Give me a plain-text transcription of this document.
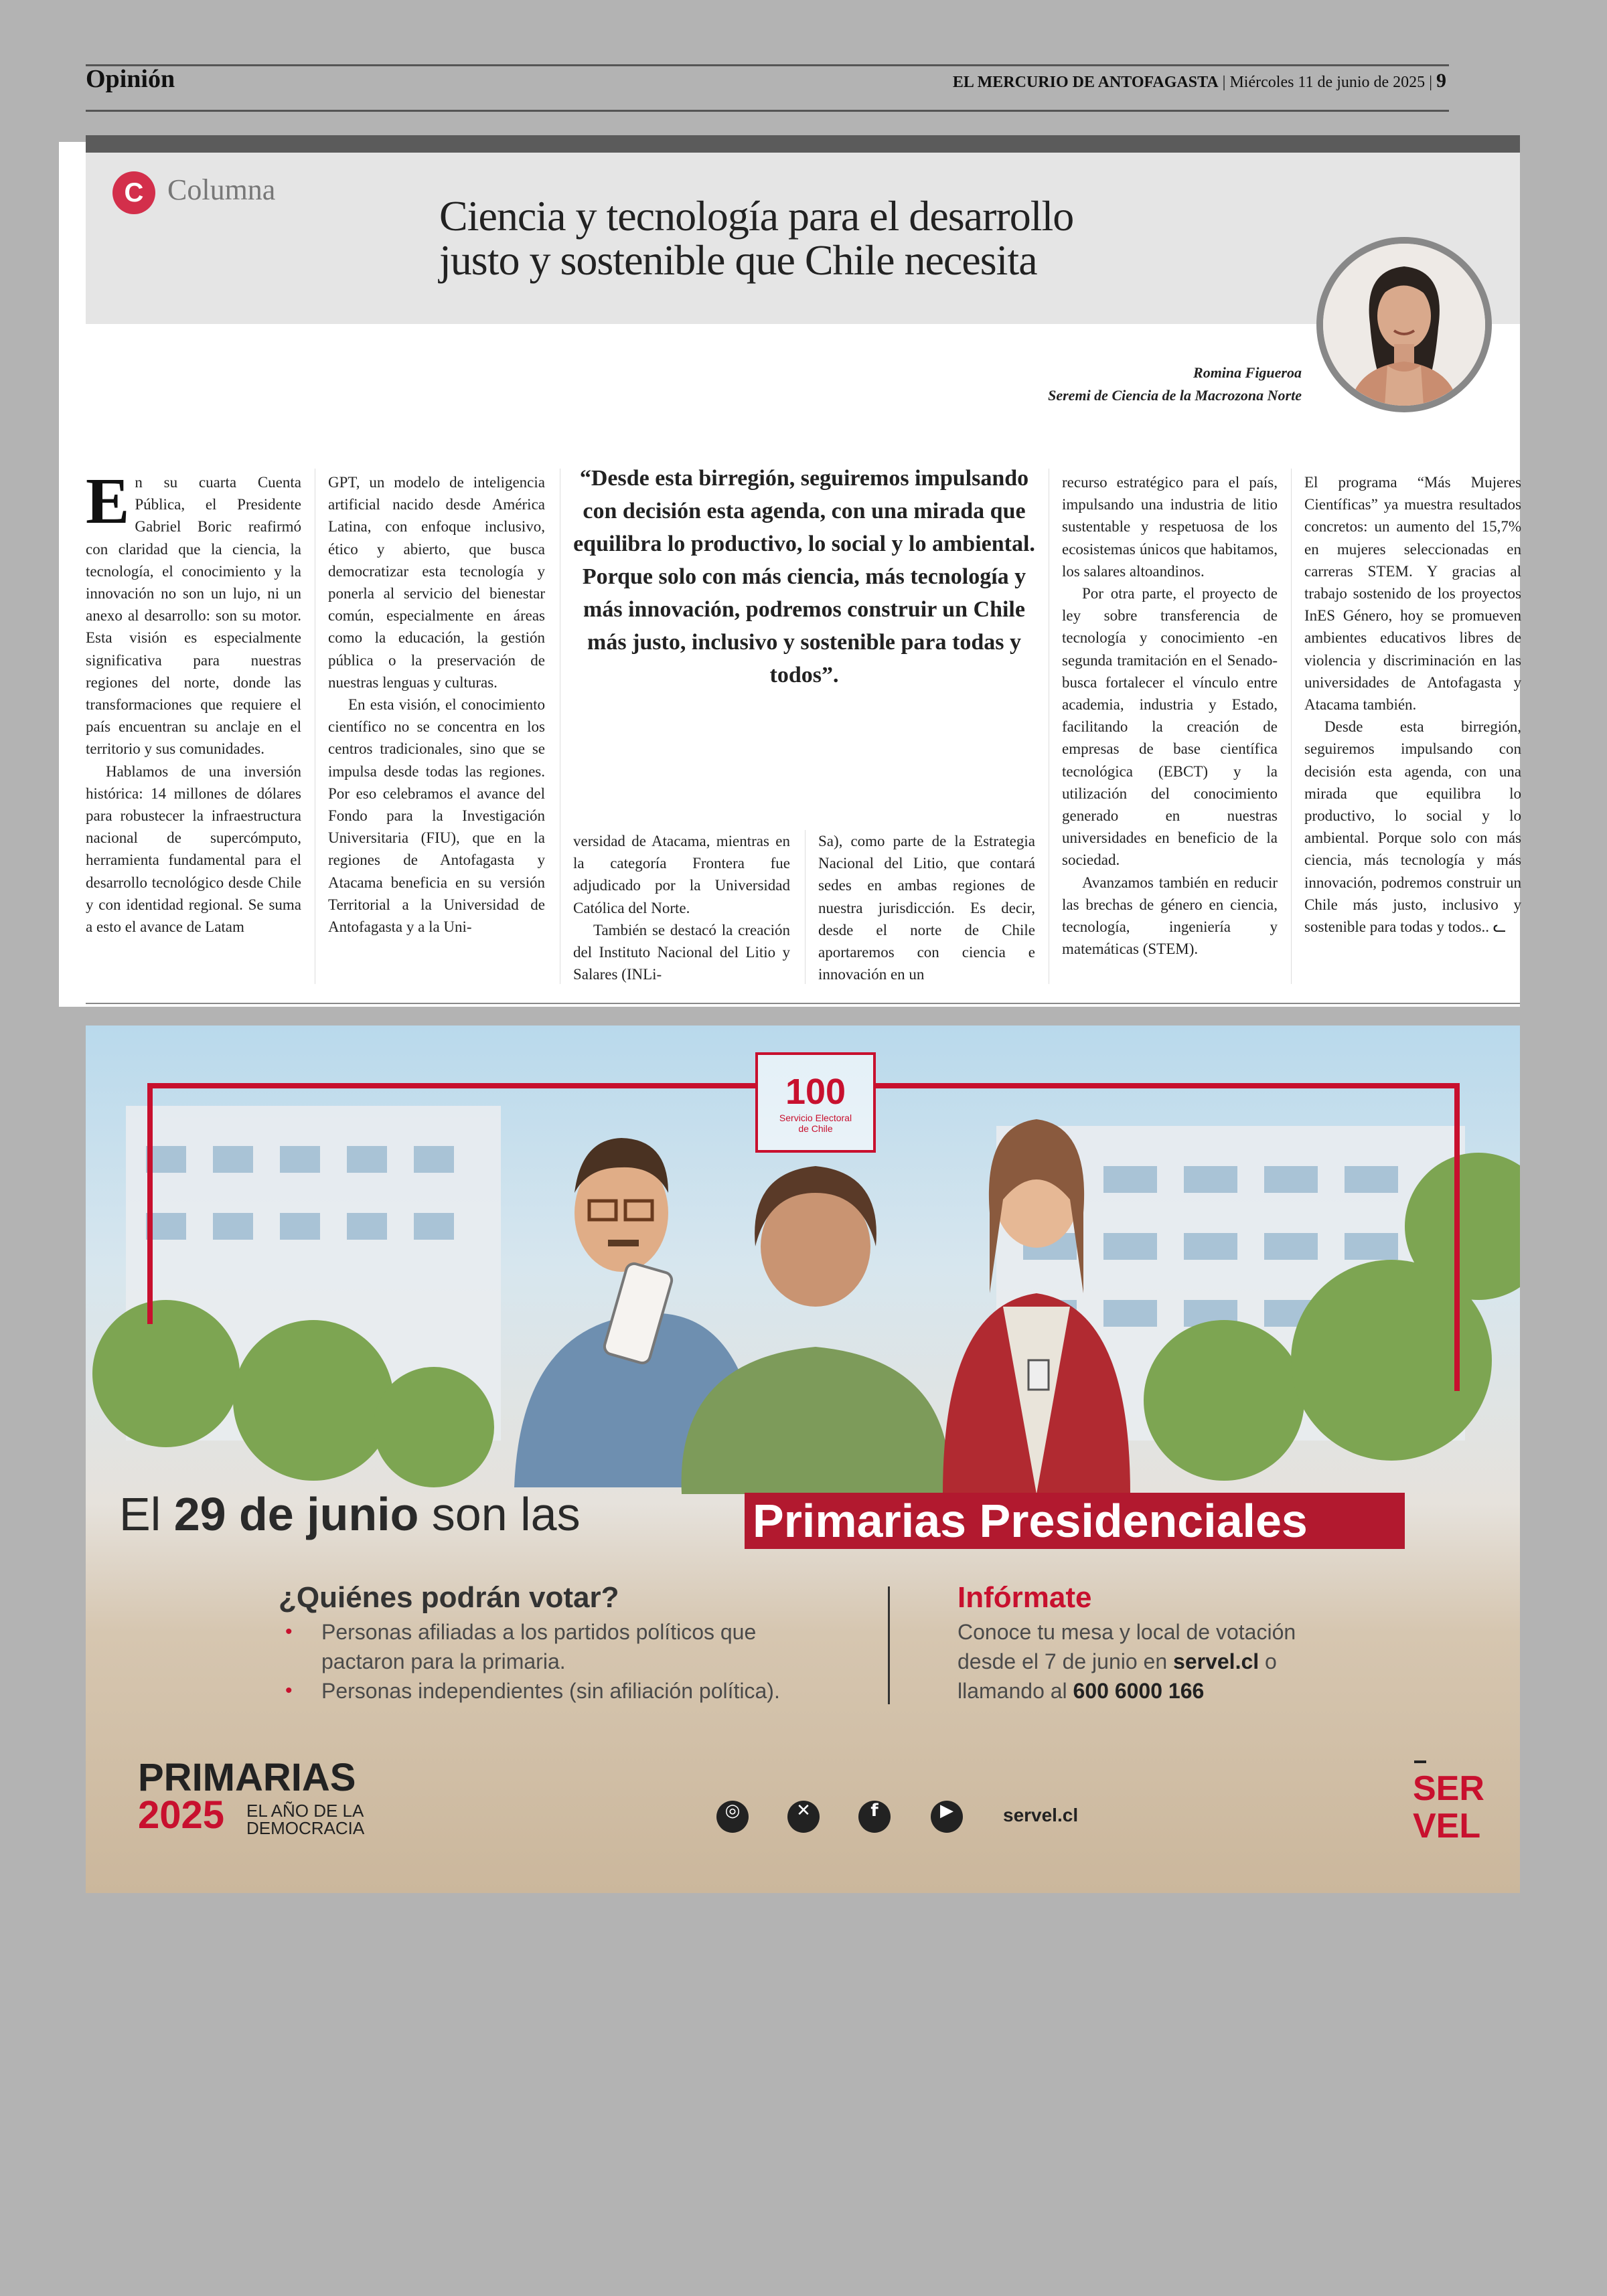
Opinión	EL MERCURIO DE ANTOFAGASTA | Miércoles 11 de junio de 2025 | 9
C Columna
Ciencia y tecnología para el desarrollo
justo y sostenible que Chile necesita
Romina Figueroa
Seremi de Ciencia de la Macrozona Norte
E n su cuarta Cuenta Pública, el Presidente Gabriel Boric reafirmó con claridad que la ciencia, la tecnología, el conocimiento y la innovación no son un lujo, ni un anexo al desarrollo: son su motor. Esta visión es especialmente significativa para nuestras regiones del norte, donde las transformaciones que requiere el país encuentran su anclaje en el territorio y sus comunidades.

Hablamos de una inversión histórica: 14 millones de dólares para robustecer la infraestructura nacional de supercómputo, herramienta fundamental para el desarrollo tecnológico desde Chile y con identidad regional. Se suma a esto el avance de Latam

GPT, un modelo de inteligencia artificial nacido desde América Latina, con enfoque inclusivo, ético y abierto, que busca democratizar esta tecnología y ponerla al servicio del bienestar común, especialmente en áreas como la educación, la gestión pública o la preservación de nuestras lenguas y culturas.

En esta visión, el conocimiento científico no se concentra en los centros tradicionales, sino que se impulsa desde todas las regiones. Por eso celebramos el avance del Fondo para la Investigación Universitaria (FIU), que en la regiones de Antofagasta y Atacama beneficia en su versión Territorial a la Universidad de Antofagasta y a la Uni-

“Desde esta birregión, seguiremos impulsando con decisión esta agenda, con una mirada que equilibra lo productivo, lo social y lo ambiental. Porque solo con más ciencia, más tecnología y más innovación, podremos construir un Chile más justo, inclusivo y sostenible para todas y todos”.

versidad de Atacama, mientras en la categoría Frontera fue adjudicado por la Universidad Católica del Norte.

También se destacó la creación del Instituto Nacional del Litio y Salares (INLi-

Sa), como parte de la Estrategia Nacional del Litio, que contará sedes en ambas regiones de nuestra jurisdicción. Es decir, desde el norte de Chile aportaremos con ciencia e innovación en un

recurso estratégico para el país, impulsando una industria de litio sustentable y respetuosa de los ecosistemas únicos que habitamos, los salares altoandinos.

Por otra parte, el proyecto de ley sobre transferencia de tecnología y conocimiento -en segunda tramitación en el Senado- busca fortalecer el vínculo entre academia, industria y Estado, facilitando la creación de empresas de base científica tecnológica (EBCT) y la utilización del conocimiento generado en nuestras universidades en beneficio de la sociedad.

Avanzamos también en reducir las brechas de género en ciencia, tecnología, ingeniería y matemáticas (STEM).

El programa “Más Mujeres Científicas” ya muestra resultados concretos: un aumento del 15,7% en mujeres seleccionadas en carreras STEM. Y gracias al trabajo sostenido de los proyectos InES Género, hoy se promueven ambientes educativos libres de violencia y discriminación en las universidades de Antofagasta y Atacama también.

Desde esta birregión, seguiremos impulsando con decisión esta agenda, con una mirada que equilibra lo productivo, lo social y lo ambiental. Porque solo con más ciencia, más tecnología y más innovación, podremos construir un Chile más justo, inclusivo y sostenible para todas y todos.. ᓚ

100
Servicio Electoral de Chile
El 29 de junio son las	Primarias Presidenciales
¿Quiénes podrán votar?
• Personas afiliadas a los partidos políticos que pactaron para la primaria.
• Personas independientes (sin afiliación política).
Infórmate
Conoce tu mesa y local de votación
desde el 7 de junio en servel.cl o
llamando al 600 6000 166
PRIMARIAS
2025	EL AÑO DE LA
DEMOCRACIA
◎	✕	f	▶	servel.cl
SER
VEL
